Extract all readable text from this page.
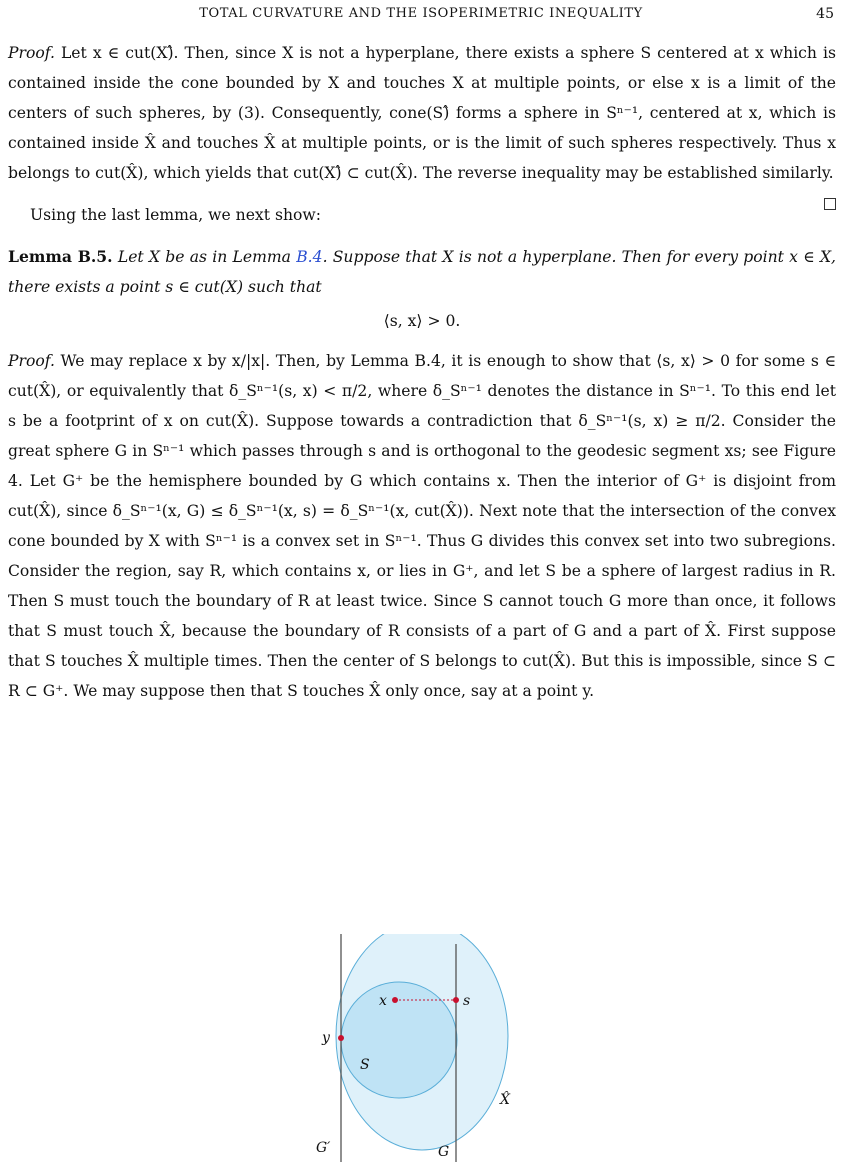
TOTAL CURVATURE AND THE ISOPERIMETRIC INEQUALITY	45

Proof. Let x ∈ cut(X)̂. Then, since X is not a hyperplane, there exists a sphere S centered at x which is contained inside the cone bounded by X and touches X at multiple points, or else x is a limit of the centers of such spheres, by (3). Consequently, cone(S)̂ forms a sphere in Sⁿ⁻¹, centered at x, which is contained inside X̂ and touches X̂ at multiple points, or is the limit of such spheres respectively. Thus x belongs to cut(X̂), which yields that cut(X)̂ ⊂ cut(X̂). The reverse inequality may be established similarly.

Using the last lemma, we next show:

Lemma B.5. Let X be as in Lemma B.4. Suppose that X is not a hyperplane. Then for every point x ∈ X, there exists a point s ∈ cut(X) such that

⟨s, x⟩ > 0.

Proof. We may replace x by x/|x|. Then, by Lemma B.4, it is enough to show that ⟨s, x⟩ > 0 for some s ∈ cut(X̂), or equivalently that δ_Sⁿ⁻¹(s, x) < π/2, where δ_Sⁿ⁻¹ denotes the distance in Sⁿ⁻¹. To this end let s be a footprint of x on cut(X̂). Suppose towards a contradiction that δ_Sⁿ⁻¹(s, x) ≥ π/2. Consider the great sphere G in Sⁿ⁻¹ which passes through s and is orthogonal to the geodesic segment xs; see Figure 4. Let G⁺ be the hemisphere bounded by G which contains x. Then the interior of G⁺ is disjoint from cut(X̂), since δ_Sⁿ⁻¹(x, G) ≤ δ_Sⁿ⁻¹(x, s) = δ_Sⁿ⁻¹(x, cut(X̂)). Next note that the intersection of the convex cone bounded by X with Sⁿ⁻¹ is a convex set in Sⁿ⁻¹. Thus G divides this convex set into two subregions. Consider the region, say R, which contains x, or lies in G⁺, and let S be a sphere of largest radius in R. Then S must touch the boundary of R at least twice. Since S cannot touch G more than once, it follows that S must touch X̂, because the boundary of R consists of a part of G and a part of X̂. First suppose that S touches X̂ multiple times. Then the center of S belongs to cut(X̂). But this is impossible, since S ⊂ R ⊂ G⁺. We may suppose then that S touches X̂ only once, say at a point y.

x	s
y
S
X̂
G′	G
